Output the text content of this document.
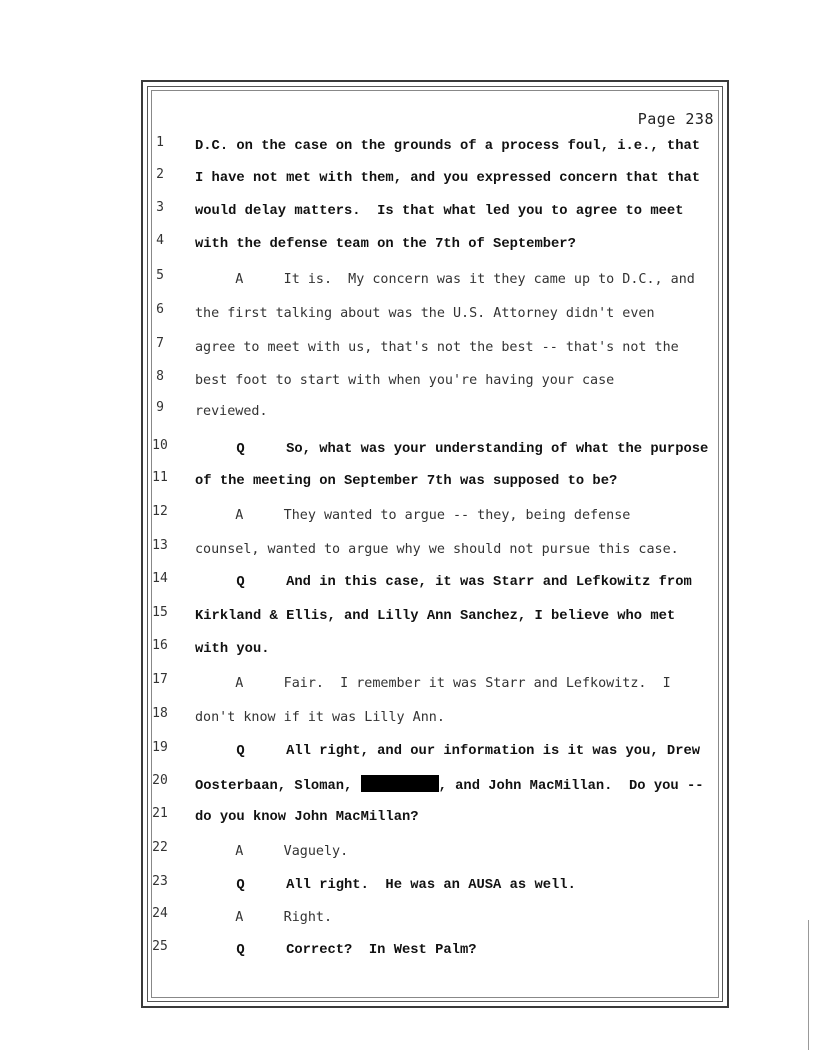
Page 238
1	D.C. on the case on the grounds of a process foul, i.e., that
2	I have not met with them, and you expressed concern that that
3	would delay matters.  Is that what led you to agree to meet
4	with the defense team on the 7th of September?
5	A     It is.  My concern was it they came up to D.C., and
6	the first talking about was the U.S. Attorney didn't even
7	agree to meet with us, that's not the best -- that's not the
8	best foot to start with when you're having your case
9	reviewed.
10 Q     So, what was your understanding of what the purpose
11 of the meeting on September 7th was supposed to be?
12 A     They wanted to argue -- they, being defense
13 counsel, wanted to argue why we should not pursue this case.
14 Q     And in this case, it was Starr and Lefkowitz from
15 Kirkland & Ellis, and Lilly Ann Sanchez, I believe who met
16 with you.
17 A     Fair.  I remember it was Starr and Lefkowitz.  I
18 don't know if it was Lilly Ann.
19 Q     All right, and our information is it was you, Drew
20 Oosterbaan, Sloman,	, and John MacMillan.  Do you --
21 do you know John MacMillan?
22 A     Vaguely.
23 Q     All right.  He was an AUSA as well.
24 A     Right.
25 Q     Correct?  In West Palm?
